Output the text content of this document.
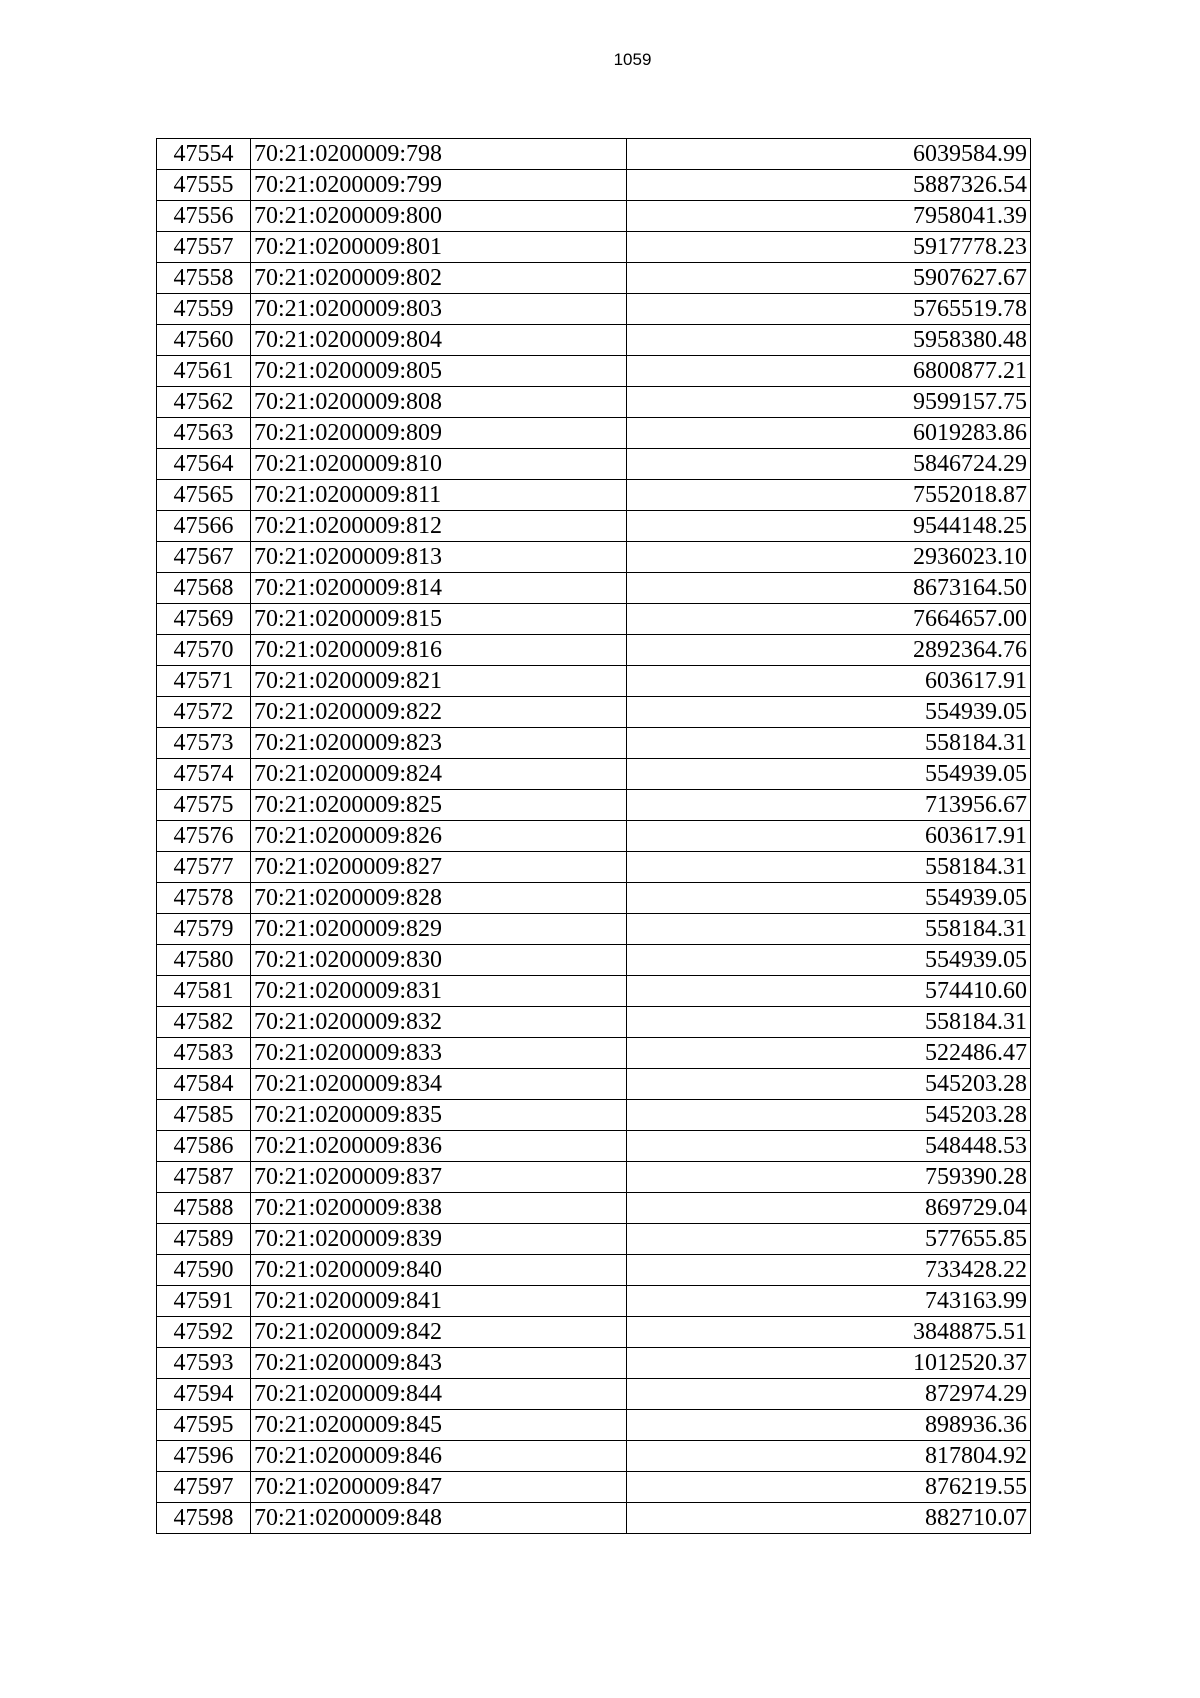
1059
47554	70:21:0200009:798	6039584.99
47555	70:21:0200009:799	5887326.54
47556	70:21:0200009:800	7958041.39
47557	70:21:0200009:801	5917778.23
47558	70:21:0200009:802	5907627.67
47559	70:21:0200009:803	5765519.78
47560	70:21:0200009:804	5958380.48
47561	70:21:0200009:805	6800877.21
47562	70:21:0200009:808	9599157.75
47563	70:21:0200009:809	6019283.86
47564	70:21:0200009:810	5846724.29
47565	70:21:0200009:811	7552018.87
47566	70:21:0200009:812	9544148.25
47567	70:21:0200009:813	2936023.10
47568	70:21:0200009:814	8673164.50
47569	70:21:0200009:815	7664657.00
47570	70:21:0200009:816	2892364.76
47571	70:21:0200009:821	603617.91
47572	70:21:0200009:822	554939.05
47573	70:21:0200009:823	558184.31
47574	70:21:0200009:824	554939.05
47575	70:21:0200009:825	713956.67
47576	70:21:0200009:826	603617.91
47577	70:21:0200009:827	558184.31
47578	70:21:0200009:828	554939.05
47579	70:21:0200009:829	558184.31
47580	70:21:0200009:830	554939.05
47581	70:21:0200009:831	574410.60
47582	70:21:0200009:832	558184.31
47583	70:21:0200009:833	522486.47
47584	70:21:0200009:834	545203.28
47585	70:21:0200009:835	545203.28
47586	70:21:0200009:836	548448.53
47587	70:21:0200009:837	759390.28
47588	70:21:0200009:838	869729.04
47589	70:21:0200009:839	577655.85
47590	70:21:0200009:840	733428.22
47591	70:21:0200009:841	743163.99
47592	70:21:0200009:842	3848875.51
47593	70:21:0200009:843	1012520.37
47594	70:21:0200009:844	872974.29
47595	70:21:0200009:845	898936.36
47596	70:21:0200009:846	817804.92
47597	70:21:0200009:847	876219.55
47598	70:21:0200009:848	882710.07
